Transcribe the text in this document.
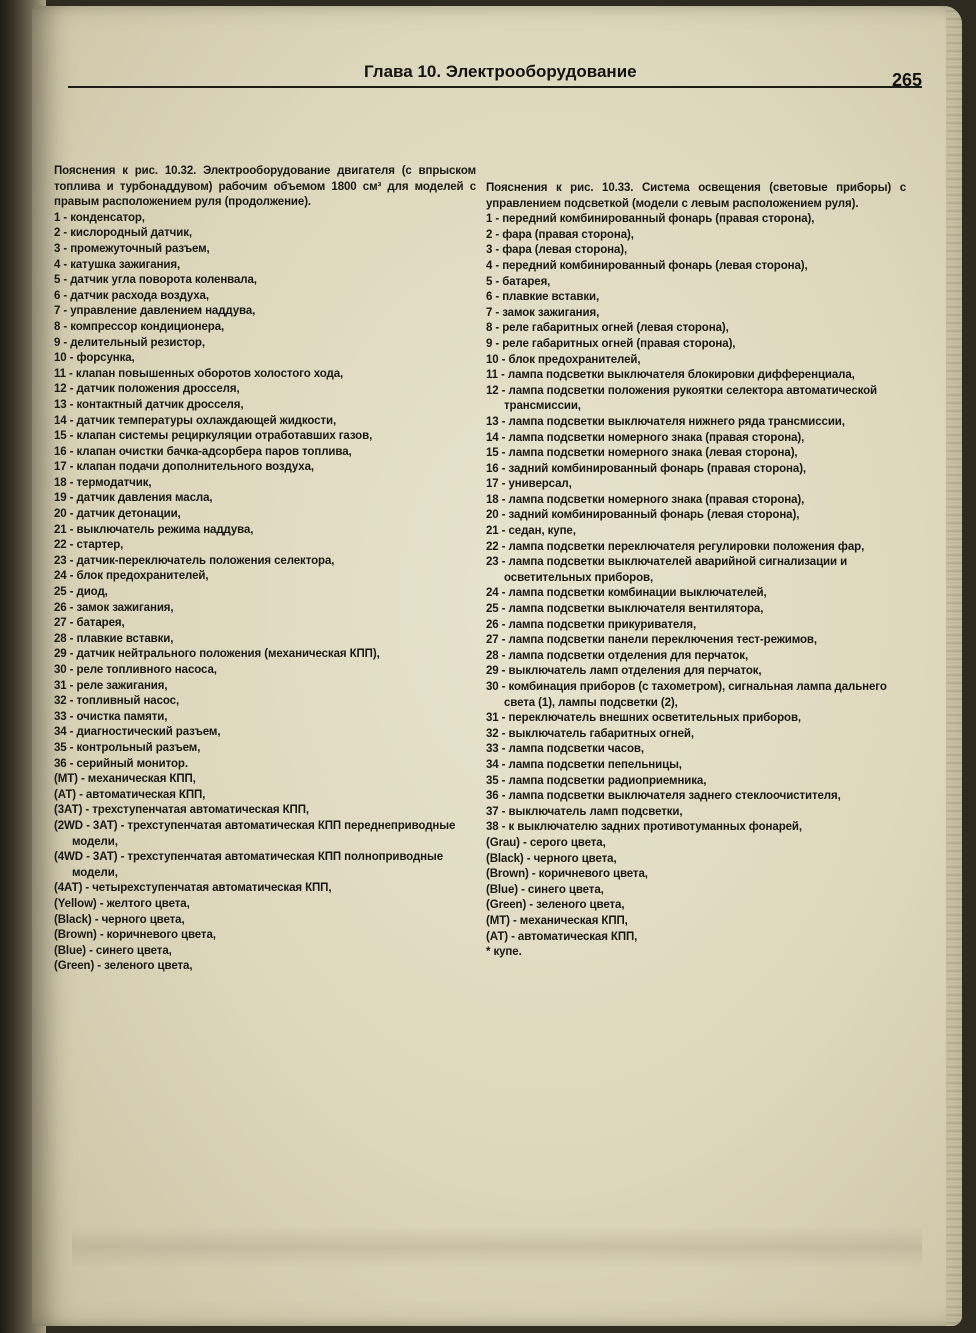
Глава 10. Электрооборудование	265

Пояснения к рис. 10.32. Электрооборудование двигателя (с впрыском топлива и турбонаддувом) рабочим объемом 1800 см³ для моделей с правым расположением руля (продолжение).

1 - конденсатор,

2 - кислородный датчик,

3 - промежуточный разъем,

4 - катушка зажигания,

5 - датчик угла поворота коленвала,

6 - датчик расхода воздуха,

7 - управление давлением наддува,

8 - компрессор кондиционера,

9 - делительный резистор,

10 - форсунка,

11 - клапан повышенных оборотов холостого хода,

12 - датчик положения дросселя,

13 - контактный датчик дросселя,

14 - датчик температуры охлаждающей жидкости,

15 - клапан системы рециркуляции отработавших газов,

16 - клапан очистки бачка-адсорбера паров топлива,

17 - клапан подачи дополнительного воздуха,

18 - термодатчик,

19 - датчик давления масла,

20 - датчик детонации,

21 - выключатель режима наддува,

22 - стартер,

23 - датчик-переключатель положения селектора,

24 - блок предохранителей,

25 - диод,

26 - замок зажигания,

27 - батарея,

28 - плавкие вставки,

29 - датчик нейтрального положения (механическая КПП),

30 - реле топливного насоса,

31 - реле зажигания,

32 - топливный насос,

33 - очистка памяти,

34 - диагностический разъем,

35 - контрольный разъем,

36 - серийный монитор.

(МТ) - механическая КПП,

(АТ) - автоматическая КПП,

(3АТ) - трехступенчатая автоматическая КПП,

(2WD - 3АТ) - трехступенчатая автоматическая КПП переднеприводные модели,

(4WD - 3АТ) - трехступенчатая автоматическая КПП полноприводные модели,

(4АТ) - четырехступенчатая автоматическая КПП,

(Yellow) - желтого цвета,

(Black) - черного цвета,

(Brown) - коричневого цвета,

(Blue) - синего цвета,

(Green) - зеленого цвета,

Пояснения к рис. 10.33. Система освещения (световые приборы) с управлением подсветкой (модели с левым расположением руля).

1 - передний комбинированный фонарь (правая сторона),

2 - фара (правая сторона),

3 - фара (левая сторона),

4 - передний комбинированный фонарь (левая сторона),

5 - батарея,

6 - плавкие вставки,

7 - замок зажигания,

8 - реле габаритных огней (левая сторона),

9 - реле габаритных огней (правая сторона),

10 - блок предохранителей,

11 - лампа подсветки выключателя блокировки дифференциала,

12 - лампа подсветки положения рукоятки селектора автоматической трансмиссии,

13 - лампа подсветки выключателя нижнего ряда трансмиссии,

14 - лампа подсветки номерного знака (правая сторона),

15 - лампа подсветки номерного знака (левая сторона),

16 - задний комбинированный фонарь (правая сторона),

17 - универсал,

18 - лампа подсветки номерного знака (правая сторона),

20 - задний комбинированный фонарь (левая сторона),

21 - седан, купе,

22 - лампа подсветки переключателя регулировки положения фар,

23 - лампа подсветки выключателей аварийной сигнализации и осветительных приборов,

24 - лампа подсветки комбинации выключателей,

25 - лампа подсветки выключателя вентилятора,

26 - лампа подсветки прикуривателя,

27 - лампа подсветки панели переключения тест-режимов,

28 - лампа подсветки отделения для перчаток,

29 - выключатель ламп отделения для перчаток,

30 - комбинация приборов (с тахометром), сигнальная лампа дальнего света (1), лампы подсветки (2),

31 - переключатель внешних осветительных приборов,

32 - выключатель габаритных огней,

33 - лампа подсветки часов,

34 - лампа подсветки пепельницы,

35 - лампа подсветки радиоприемника,

36 - лампа подсветки выключателя заднего стеклоочистителя,

37 - выключатель ламп подсветки,

38 - к выключателю задних противотуманных фонарей,

(Grau) - серого цвета,

(Black) - черного цвета,

(Brown) - коричневого цвета,

(Blue) - синего цвета,

(Green) - зеленого цвета,

(МТ) - механическая КПП,

(АТ) - автоматическая КПП,

* купе.
